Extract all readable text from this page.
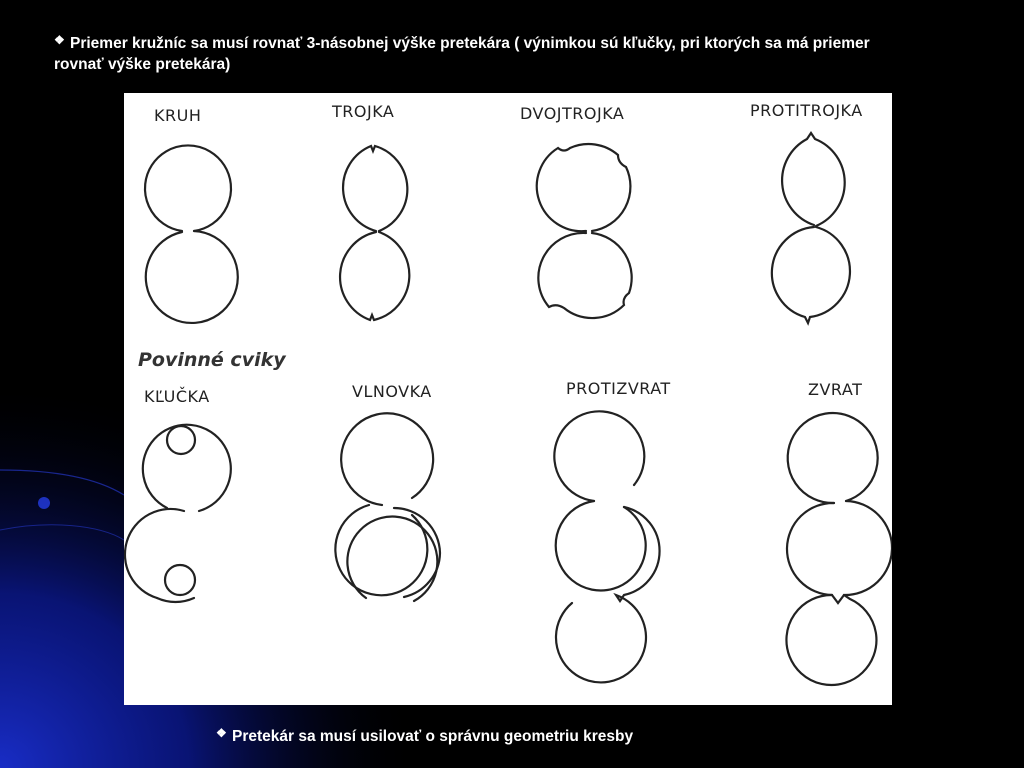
❖ Priemer kružníc sa musí rovnať 3-násobnej výške pretekára ( výnimkou sú kľučky, pri ktorých sa má priemer rovnať výške pretekára)
KRUH	TROJKA	DVOJTROJKA	PROTITROJKA
Povinné cviky
KĽUČKA	VLNOVKA	PROTIZVRAT	ZVRAT
❖ Pretekár sa musí usilovať o správnu geometriu kresby
